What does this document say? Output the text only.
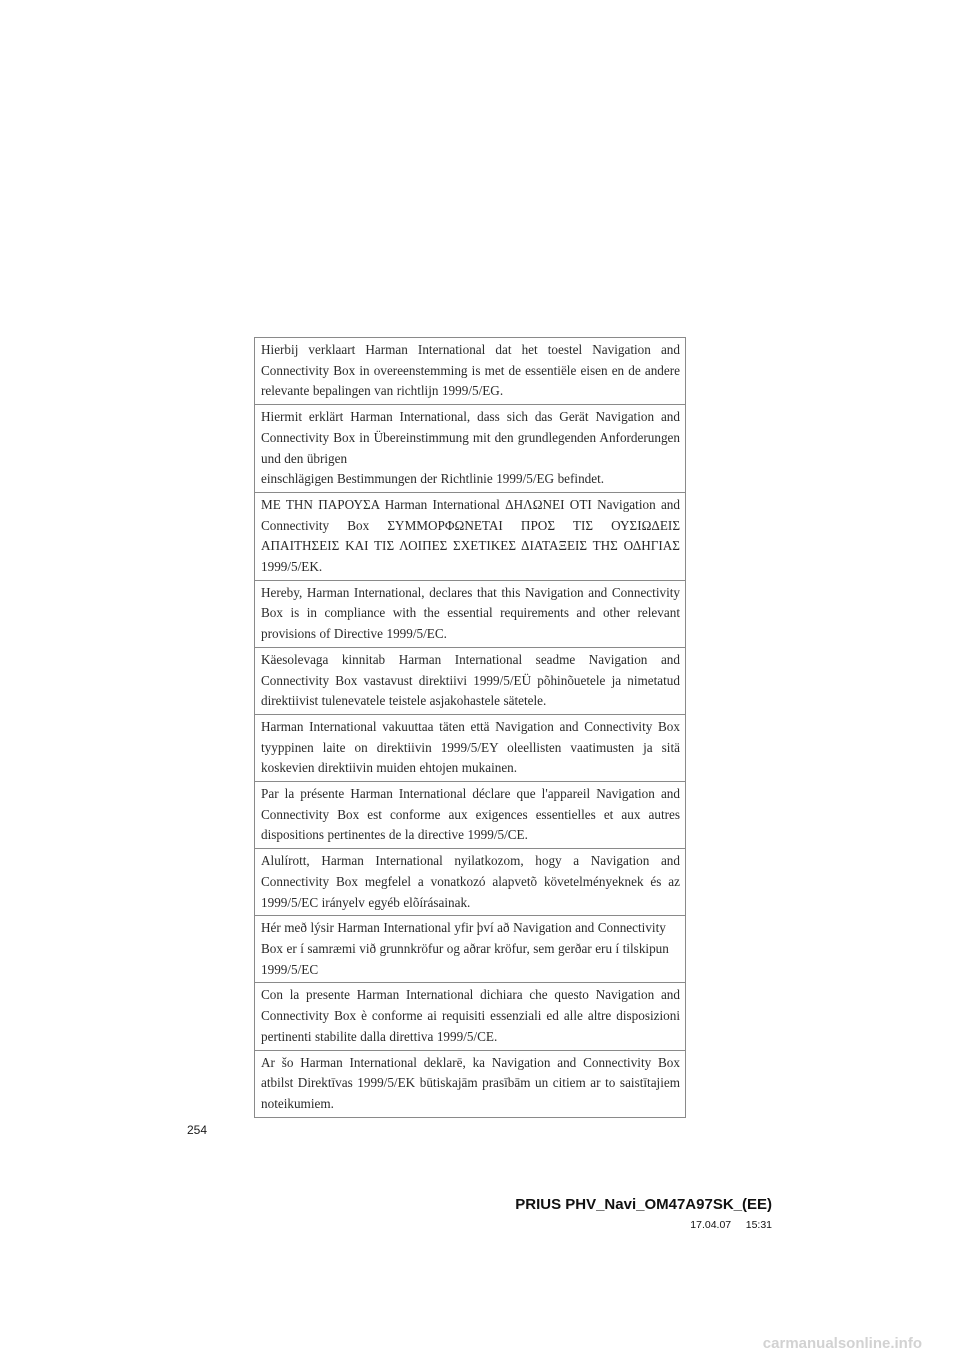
Hierbij verklaart Harman International dat het toestel Navigation and Connectivity Box in overeenstemming is met de essentiële eisen en de andere relevante bepalingen van richtlijn 1999/5/EG.
Hiermit erklärt Harman International, dass sich das Gerät Navigation and Connectivity Box in Übereinstimmung mit den grundlegenden Anforderungen und den übrigen
einschlägigen Bestimmungen der Richtlinie 1999/5/EG befindet.
ΜΕ ΤΗΝ ΠΑΡΟΥΣΑ Harman International ΔΗΛΩΝΕΙ ΟΤΙ Navigation and Connectivity Box ΣΥΜΜΟΡΦΩΝΕΤΑΙ ΠΡΟΣ ΤΙΣ ΟΥΣΙΩΔΕΙΣ ΑΠΑΙΤΗΣΕΙΣ ΚΑΙ ΤΙΣ ΛΟΙΠΕΣ ΣΧΕΤΙΚΕΣ ΔΙΑΤΑΞΕΙΣ ΤΗΣ ΟΔΗΓΙΑΣ 1999/5/ΕΚ.
Hereby, Harman International, declares that this Navigation and Connectivity Box is in compliance with the essential requirements and other relevant provisions of Directive 1999/5/EC.
Käesolevaga kinnitab Harman International seadme Navigation and Connectivity Box vastavust direktiivi 1999/5/EÜ põhinõuetele ja nimetatud direktiivist tulenevatele teistele asjakohastele sätetele.
Harman International vakuuttaa täten että Navigation and Connectivity Box tyyppinen laite on direktiivin 1999/5/EY oleellisten vaatimusten ja sitä koskevien direktiivin muiden ehtojen mukainen.
Par la présente Harman International déclare que l'appareil Navigation and Connectivity Box est conforme aux exigences essentielles et aux autres dispositions pertinentes de la directive 1999/5/CE.
Alulírott, Harman International nyilatkozom, hogy a Navigation and Connectivity Box megfelel a vonatkozó alapvetõ követelményeknek és az 1999/5/EC irányelv egyéb elõírásainak.
Hér með lýsir Harman International yfir því að Navigation and Connectivity
Box er í samræmi við grunnkröfur og aðrar kröfur, sem gerðar eru í tilskipun 1999/5/EC
Con la presente Harman International dichiara che questo Navigation and Connectivity Box è conforme ai requisiti essenziali ed alle altre disposizioni pertinenti stabilite dalla direttiva 1999/5/CE.
Ar šo Harman International deklarē, ka Navigation and Connectivity Box atbilst Direktīvas 1999/5/EK būtiskajām prasībām un citiem ar to saistītajiem noteikumiem.
254
PRIUS PHV_Navi_OM47A97SK_(EE)
17.04.07     15:31
carmanualsonline.info
